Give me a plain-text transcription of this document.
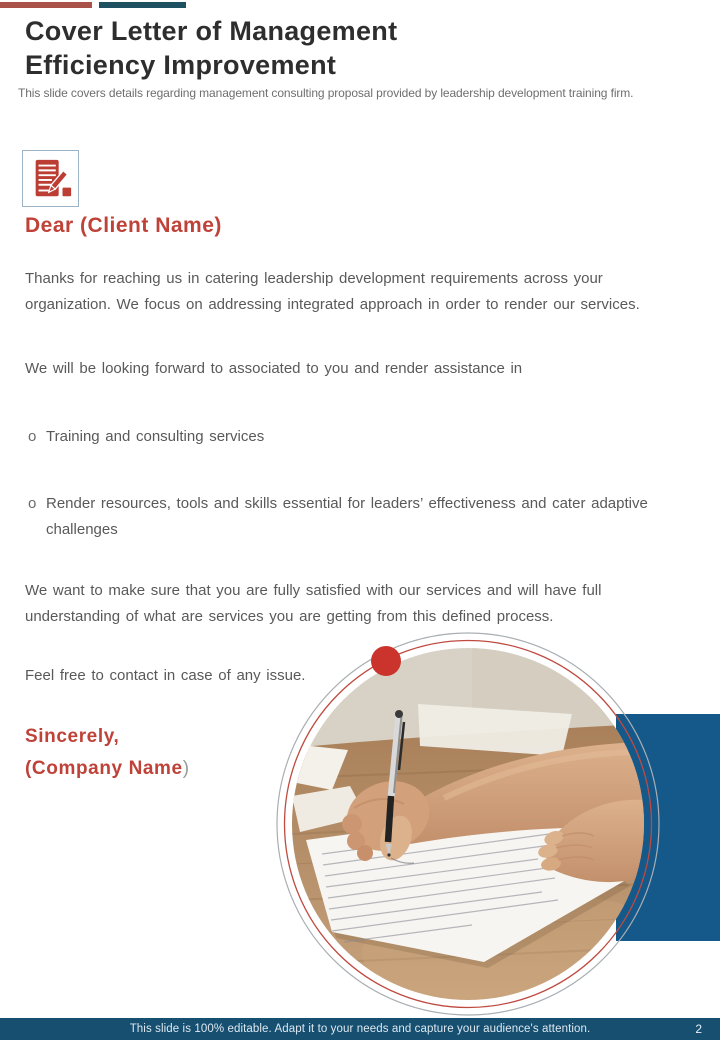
Cover Letter of Management Efficiency Improvement

This slide covers details regarding management consulting proposal provided by leadership development training firm.

Dear (Client Name)

Thanks for reaching us in catering leadership development requirements across your organization. We focus on addressing integrated approach in order to render our services.

We will be looking forward to associated to you and render assistance in

o Training and consulting services
o Render resources, tools and skills essential for leaders’ effectiveness and cater adaptive challenges

We want to make sure that you are fully satisfied with our services and will have full understanding of what are services you are getting from this defined process.

Feel free to contact in case of any issue.

Sincerely,

(Company Name)

This slide is 100% editable. Adapt it to your needs and capture your audience's attention.	2
